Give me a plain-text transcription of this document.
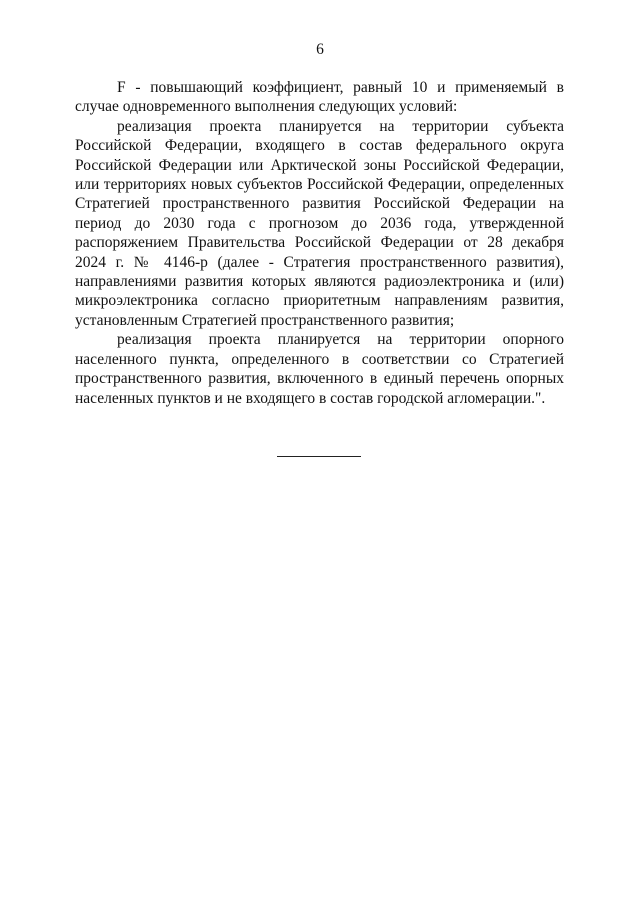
6

F - повышающий коэффициент, равный 10 и применяемый в случае одновременного выполнения следующих условий:

реализация проекта планируется на территории субъекта Российской Федерации, входящего в состав федерального округа Российской Федерации или Арктической зоны Российской Федерации, или территориях новых субъектов Российской Федерации, определенных Стратегией пространственного развития Российской Федерации на период до 2030 года с прогнозом до 2036 года, утвержденной распоряжением Правительства Российской Федерации от 28 декабря 2024 г. № 4146-р (далее - Стратегия пространственного развития), направлениями развития которых являются радиоэлектроника и (или) микроэлектроника согласно приоритетным направлениям развития, установленным Стратегией пространственного развития;

реализация проекта планируется на территории опорного населенного пункта, определенного в соответствии со Стратегией пространственного развития, включенного в единый перечень опорных населенных пунктов и не входящего в состав городской агломерации.".
